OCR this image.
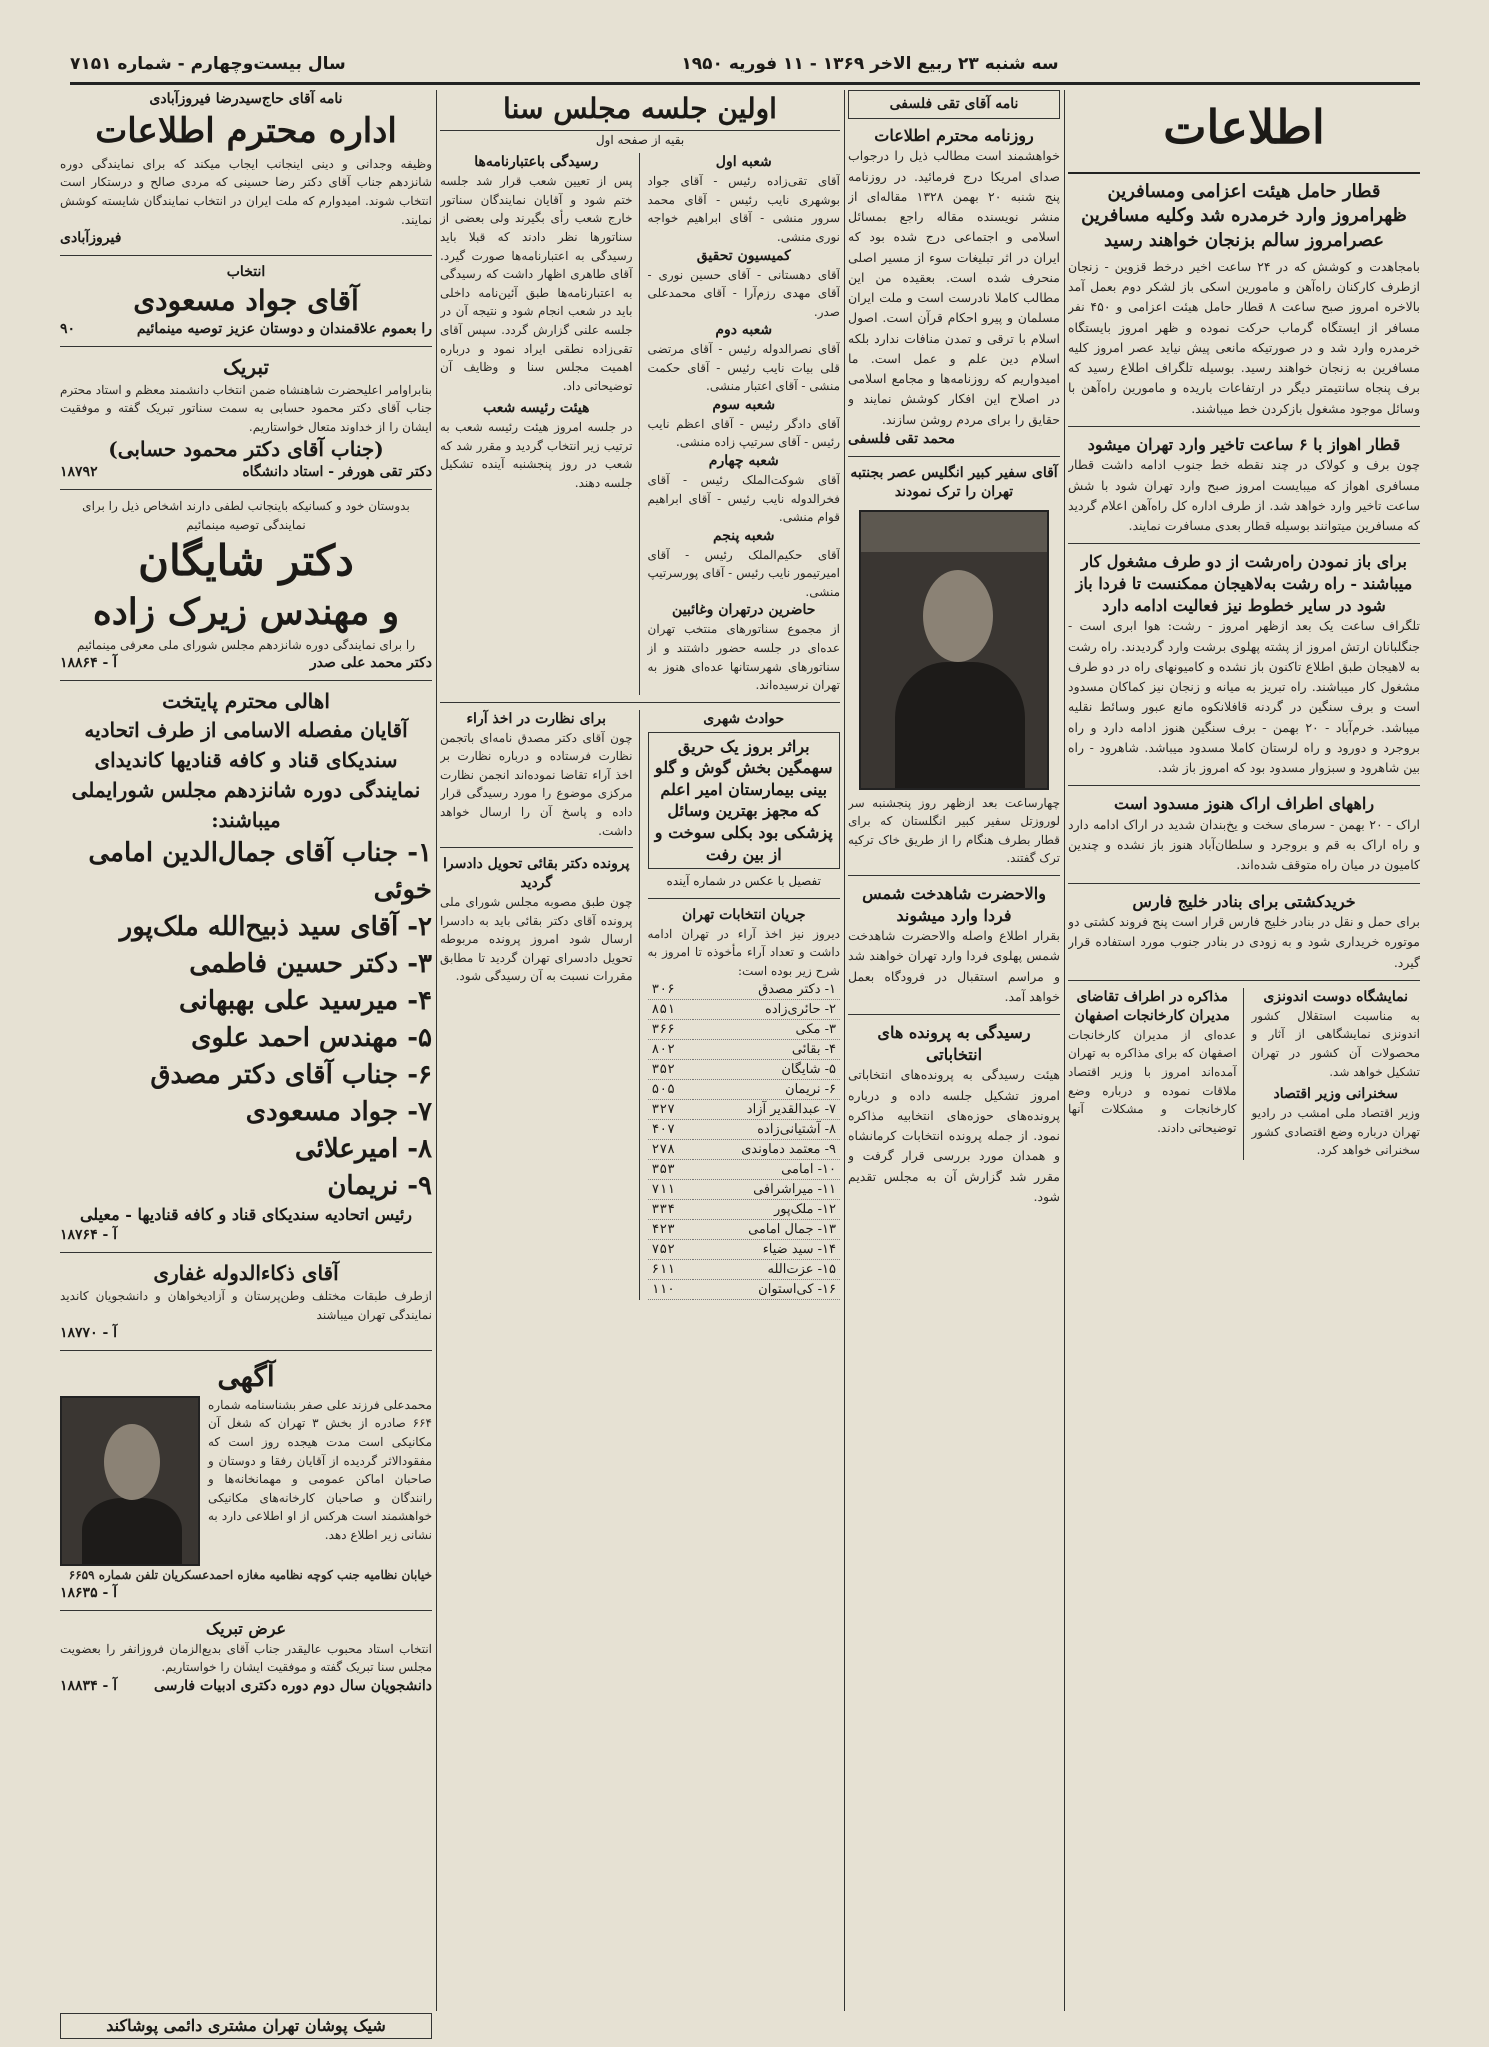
سه شنبه ۲۳ ربیع الاخر ۱۳۶۹ - ۱۱ فوریه ۱۹۵۰
سال بیست‌وچهارم - شماره ۷۱۵۱
اطلاعات
قطار حامل هیئت اعزامی ومسافرین ظهرامروز وارد خرمدره شد وکلیه مسافرین عصرامروز سالم بزنجان خواهند رسید
بامجاهدت و کوشش که در ۲۴ ساعت اخیر درخط قزوین - زنجان ازطرف کارکنان راه‌آهن و مامورین اسکی باز لشکر دوم بعمل آمد بالاخره امروز صبح ساعت ۸ قطار حامل هیئت اعزامی و ۴۵۰ نفر مسافر از ایستگاه گرماب حرکت نموده و ظهر امروز بایستگاه خرمدره وارد شد و در صورتیکه مانعی پیش نیاید عصر امروز کلیه مسافرین به زنجان خواهند رسید. بوسیله تلگراف اطلاع رسید که برف پنجاه سانتیمتر دیگر در ارتفاعات باریده و مامورین راه‌آهن با وسائل موجود مشغول بازکردن خط میباشند.
قطار اهواز با ۶ ساعت تاخیر وارد تهران میشود
چون برف و کولاک در چند نقطه خط جنوب ادامه داشت قطار مسافری اهواز که میبایست امروز صبح وارد تهران شود با شش ساعت تاخیر وارد خواهد شد. از طرف اداره کل راه‌آهن اعلام گردید که مسافرین میتوانند بوسیله قطار بعدی مسافرت نمایند.
برای باز نمودن راه‌رشت از دو طرف مشغول کار میباشند - راه رشت به‌لاهیجان ممکنست تا فردا باز شود در سایر خطوط نیز فعالیت ادامه دارد
تلگراف ساعت یک بعد ازظهر امروز - رشت: هوا ابری است - جنگلبانان ارتش امروز از پشته پهلوی برشت وارد گردیدند. راه رشت به لاهیجان طبق اطلاع تاکنون باز نشده و کامیونهای راه در دو طرف مشغول کار میباشند. راه تبریز به میانه و زنجان نیز کماکان مسدود است و برف سنگین در گردنه قافلانکوه مانع عبور وسائط نقلیه میباشد. خرم‌آباد - ۲۰ بهمن - برف سنگین هنوز ادامه دارد و راه بروجرد و دورود و راه لرستان کاملا مسدود میباشد. شاهرود - راه بین شاهرود و سبزوار مسدود بود که امروز باز شد.
راههای اطراف اراک هنوز مسدود است
اراک - ۲۰ بهمن - سرمای سخت و یخ‌بندان شدید در اراک ادامه دارد و راه اراک به قم و بروجرد و سلطان‌آباد هنوز باز نشده و چندین کامیون در میان راه متوقف شده‌اند.
خریدکشتی برای بنادر خلیج فارس
برای حمل و نقل در بنادر خلیج فارس قرار است پنج فروند کشتی دو موتوره خریداری شود و به زودی در بنادر جنوب مورد استفاده قرار گیرد.
نمایشگاه دوست اندونزی
به مناسبت استقلال کشور اندونزی نمایشگاهی از آثار و محصولات آن کشور در تهران تشکیل خواهد شد.
سخنرانی وزیر اقتصاد
وزیر اقتصاد ملی امشب در رادیو تهران درباره وضع اقتصادی کشور سخنرانی خواهد کرد.
مذاکره در اطراف تقاضای مدیران کارخانجات اصفهان
عده‌ای از مدیران کارخانجات اصفهان که برای مذاکره به تهران آمده‌اند امروز با وزیر اقتصاد ملاقات نموده و درباره وضع کارخانجات و مشکلات آنها توضیحاتی دادند.
نامه آقای تقی فلسفی
روزنامه محترم اطلاعات
خواهشمند است مطالب ذیل را درجواب صدای امریکا درج فرمائید. در روزنامه پنج شنبه ۲۰ بهمن ۱۳۲۸ مقاله‌ای از منشر نویسنده مقاله راجع بمسائل اسلامی و اجتماعی درج شده بود که ایران در اثر تبلیغات سوء از مسیر اصلی منحرف شده است. بعقیده من این مطالب کاملا نادرست است و ملت ایران مسلمان و پیرو احکام قرآن است. اصول اسلام با ترقی و تمدن منافات ندارد بلکه اسلام دین علم و عمل است. ما امیدواریم که روزنامه‌ها و مجامع اسلامی در اصلاح این افکار کوشش نمایند و حقایق را برای مردم روشن سازند.
محمد تقی فلسفی
آقای سفیر کبیر انگلیس عصر بجنتبه تهران را ترک نمودند
چهارساعت بعد ازظهر روز پنجشنبه سر لوروزتل سفیر کبیر انگلستان که برای قطار بطرف هنگام را از طریق خاک ترکیه ترک گفتند.
والاحضرت شاهدخت شمس فردا وارد میشوند
بقرار اطلاع واصله والاحضرت شاهدخت شمس پهلوی فردا وارد تهران خواهند شد و مراسم استقبال در فرودگاه بعمل خواهد آمد.
رسیدگی به پرونده های انتخاباتی
هیئت رسیدگی به پرونده‌های انتخاباتی امروز تشکیل جلسه داده و درباره پرونده‌های حوزه‌های انتخابیه مذاکره نمود. از جمله پرونده انتخابات کرمانشاه و همدان مورد بررسی قرار گرفت و مقرر شد گزارش آن به مجلس تقدیم شود.
اولین جلسه مجلس سنا
بقیه از صفحه اول
شعبه اول
آقای تقی‌زاده رئیس - آقای جواد بوشهری نایب رئیس - آقای محمد سرور منشی - آقای ابراهیم خواجه نوری منشی.
کمیسیون تحقیق
آقای دهستانی - آقای حسین نوری - آقای مهدی رزم‌آرا - آقای محمدعلی صدر.
شعبه دوم
آقای نصرالدوله رئیس - آقای مرتضی قلی بیات نایب رئیس - آقای حکمت منشی - آقای اعتبار منشی.
شعبه سوم
آقای دادگر رئیس - آقای اعظم نایب رئیس - آقای سرتیپ زاده منشی.
شعبه چهارم
آقای شوکت‌الملک رئیس - آقای فخرالدوله نایب رئیس - آقای ابراهیم قوام منشی.
شعبه پنجم
آقای حکیم‌الملک رئیس - آقای امیرتیمور نایب رئیس - آقای پورسرتیپ منشی.
حاضرین درتهران وغائبین
از مجموع سناتورهای منتخب تهران عده‌ای در جلسه حضور داشتند و از سناتورهای شهرستانها عده‌ای هنوز به تهران نرسیده‌اند.
رسیدگی باعتبارنامه‌ها
پس از تعیین شعب قرار شد جلسه ختم شود و آقایان نمایندگان سناتور خارج شعب رأی بگیرند ولی بعضی از سناتورها نظر دادند که قبلا باید رسیدگی به اعتبارنامه‌ها صورت گیرد. آقای طاهری اظهار داشت که رسیدگی به اعتبارنامه‌ها طبق آئین‌نامه داخلی باید در شعب انجام شود و نتیجه آن در جلسه علنی گزارش گردد. سپس آقای تقی‌زاده نطقی ایراد نمود و درباره اهمیت مجلس سنا و وظایف آن توضیحاتی داد.
هیئت رئیسه شعب
در جلسه امروز هیئت رئیسه شعب به ترتیب زیر انتخاب گردید و مقرر شد که شعب در روز پنجشنبه آینده تشکیل جلسه دهند.
حوادث شهری
براثر بروز یک حریق سهمگین بخش گوش و گلو بینی بیمارستان امیر اعلم که مجهز بهترین وسائل پزشکی بود بکلی سوخت و از بین رفت
تفصیل با عکس در شماره آینده
جریان انتخابات تهران
دیروز نیز اخذ آراء در تهران ادامه داشت و تعداد آراء مأخوذه تا امروز به شرح زیر بوده است:
۱- دکتر مصدق	۳۰۶
۲- حائری‌زاده	۸۵۱
۳- مکی	۳۶۶
۴- بقائی	۸۰۲
۵- شایگان	۳۵۲
۶- نریمان	۵۰۵
۷- عبدالقدیر آزاد	۳۲۷
۸- آشتیانی‌زاده	۴۰۷
۹- معتمد دماوندی	۲۷۸
۱۰- امامی	۳۵۳
۱۱- میراشرافی	۷۱۱
۱۲- ملک‌پور	۳۳۴
۱۳- جمال امامی	۴۲۳
۱۴- سید ضیاء	۷۵۲
۱۵- عزت‌الله	۶۱۱
۱۶- کی‌استوان	۱۱۰
برای نظارت در اخذ آراء
چون آقای دکتر مصدق نامه‌ای باتجمن نظارت فرستاده و درباره نظارت بر اخذ آراء تقاضا نموده‌اند انجمن نظارت مرکزی موضوع را مورد رسیدگی قرار داده و پاسخ آن را ارسال خواهد داشت.
پرونده دکتر بقائی تحویل دادسرا گردید
چون طبق مصوبه مجلس شورای ملی پرونده آقای دکتر بقائی باید به دادسرا ارسال شود امروز پرونده مربوطه تحویل دادسرای تهران گردید تا مطابق مقررات نسبت به آن رسیدگی شود.
نامه آقای حاج‌سید‌رضا فیروزآبادی
اداره محترم اطلاعات
وظیفه وجدانی و دینی اینجانب ایجاب میکند که برای نمایندگی دوره شانزدهم جناب آقای دکتر رضا حسینی که مردی صالح و درستکار است انتخاب شوند. امیدوارم که ملت ایران در انتخاب نمایندگان شایسته کوشش نمایند.
فیروزآبادی
انتخاب
آقای جواد مسعودی
را بعموم علاقمندان و دوستان عزیز توصیه مینمائیم
۹۰
تبریک
بنابراوامر اعلیحضرت شاهنشاه ضمن انتخاب دانشمند معظم و استاد محترم جناب آقای دکتر محمود حسابی به سمت سناتور تبریک گفته و موفقیت ایشان را از خداوند متعال خواستاریم.
(جناب آقای دکتر محمود حسابی)
دکتر تقی هورفر - استاد دانشگاه
۱۸۷۹۲
بدوستان خود و کسانیکه باینجانب لطفی دارند اشخاص ذیل را برای نمایندگی توصیه مینمائیم
دکتر شایگان
و مهندس زیرک زاده
را برای نمایندگی دوره شانزدهم مجلس شورای ملی معرفی مینمائیم
دکتر محمد علی صدر
آ - ۱۸۸۶۴
اهالی محترم پایتخت
آقایان مفصله الاسامی از طرف اتحادیه سندیکای قناد و کافه قنادیها کاندیدای نمایندگی دوره شانزدهم مجلس شورایملی میباشند:
۱- جناب آقای جمال‌الدین امامی خوئی
۲- آقای سید ذبیح‌الله ملک‌پور
۳- دکتر حسین فاطمی
۴- میرسید علی بهبهانی
۵- مهندس احمد علوی
۶- جناب آقای دکتر مصدق
۷- جواد مسعودی
۸- امیرعلائی
۹- نریمان
رئیس اتحادیه سندیکای قناد و کافه قنادیها - معیلی
آ - ۱۸۷۶۴
آقای ذکاءالدوله غفاری
ازطرف طبقات مختلف وطن‌پرستان و آزادیخواهان و دانشجویان کاندید نمایندگی تهران میباشند
آ - ۱۸۷۷۰
آگهی
محمدعلی فرزند علی صفر بشناسنامه شماره ۶۶۴ صادره از بخش ۳ تهران که شغل آن مکانیکی است مدت هیجده روز است که مفقودالاثر گردیده از آقایان رفقا و دوستان و صاحبان اماکن عمومی و مهمانخانه‌ها و رانندگان و صاحبان کارخانه‌های مکانیکی خواهشمند است هرکس از او اطلاعی دارد به نشانی زیر اطلاع دهد.
خیابان نظامیه جنب کوچه نظامیه مغازه احمدعسکریان تلفن شماره ۶۶۵۹
آ - ۱۸۶۳۵
عرض تبریک
انتخاب استاد محبوب عالیقدر جناب آقای بدیع‌الزمان فروزانفر را بعضویت مجلس سنا تبریک گفته و موفقیت ایشان را خواستاریم.
دانشجویان سال دوم دوره دکتری ادبیات فارسی
آ - ۱۸۸۳۴
شیک پوشان تهران مشتری دائمی پوشاکند
